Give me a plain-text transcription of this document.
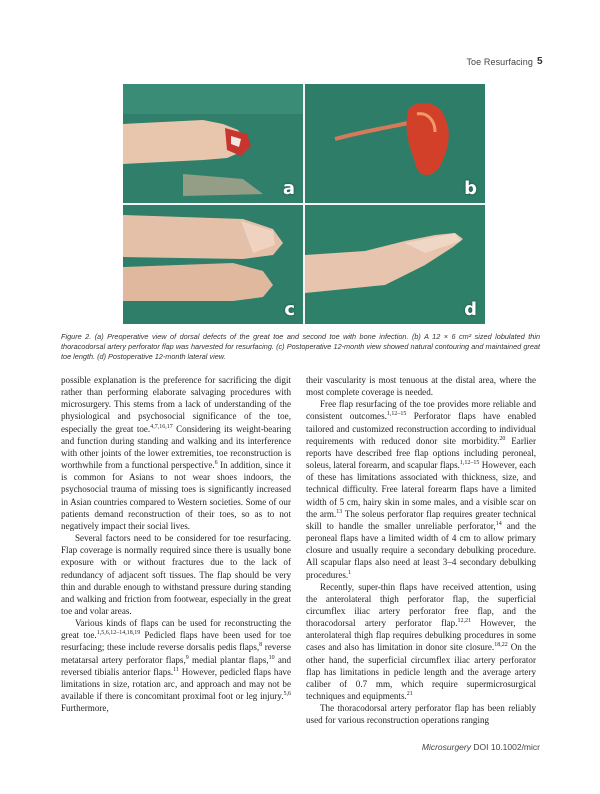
Toe Resurfacing 5
a	b
c	d
Figure 2. (a) Preoperative view of dorsal defects of the great toe and second toe with bone infection. (b) A 12 × 6 cm² sized lobulated thin thoracodorsal artery perforator flap was harvested for resurfacing. (c) Postoperative 12-month view showed natural contouring and maintained great toe length. (d) Postoperative 12-month lateral view.

possible explanation is the preference for sacrificing the digit rather than performing elaborate salvaging procedures with microsurgery. This stems from a lack of understanding of the physiological and psychosocial significance of the toe, especially the great toe.$^{4,7,16,17}$ Considering its weight-bearing and function during standing and walking and its interference with other joints of the lower extremities, toe reconstruction is worthwhile from a functional perspective.$^6$ In addition, since it is common for Asians to not wear shoes indoors, the psychosocial trauma of missing toes is significantly increased in Asian countries compared to Western societies. Some of our patients demand reconstruction of their toes, so as to not negatively impact their social lives.

Several factors need to be considered for toe resurfacing. Flap coverage is normally required since there is usually bone exposure with or without fractures due to the lack of redundancy of adjacent soft tissues. The flap should be very thin and durable enough to withstand pressure during standing and walking and friction from footwear, especially in the great toe and volar areas.

Various kinds of flaps can be used for reconstructing the great toe.$^{1,5,6,12-14,18,19}$ Pedicled flaps have been used for toe resurfacing; these include reverse dorsalis pedis flaps,$^8$ reverse metatarsal artery perforator flaps,$^9$ medial plantar flaps,$^{10}$ and reversed tibialis anterior flaps.$^{11}$ However, pedicled flaps have limitations in size, rotation arc, and approach and may not be available if there is concomitant proximal foot or leg injury.$^{5,6}$ Furthermore,

their vascularity is most tenuous at the distal area, where the most complete coverage is needed.

Free flap resurfacing of the toe provides more reliable and consistent outcomes.$^{1,12-15}$ Perforator flaps have enabled tailored and customized reconstruction according to individual requirements with reduced donor site morbidity.$^{20}$ Earlier reports have described free flap options including peroneal, soleus, lateral forearm, and scapular flaps.$^{1,12-15}$ However, each of these has limitations associated with thickness, size, and technical difficulty. Free lateral forearm flaps have a limited width of 5 cm, hairy skin in some males, and a visible scar on the arm.$^{13}$ The soleus perforator flap requires greater technical skill to handle the smaller unreliable perforator,$^{14}$ and the peroneal flaps have a limited width of 4 cm to allow primary closure and usually require a secondary debulking procedure. All scapular flaps also need at least 3–4 secondary debulking procedures.$^1$

Recently, super-thin flaps have received attention, using the anterolateral thigh perforator flap, the superficial circumflex iliac artery perforator free flap, and the thoracodorsal artery perforator flap.$^{12,21}$ However, the anterolateral thigh flap requires debulking procedures in some cases and also has limitation in donor site closure.$^{18,22}$ On the other hand, the superficial circumflex iliac artery perforator flap has limitations in pedicle length and the average artery caliber of 0.7 mm, which require supermicrosurgical techniques and equipments.$^{21}$

The thoracodorsal artery perforator flap has been reliably used for various reconstruction operations ranging

Microsurgery DOI 10.1002/micr
